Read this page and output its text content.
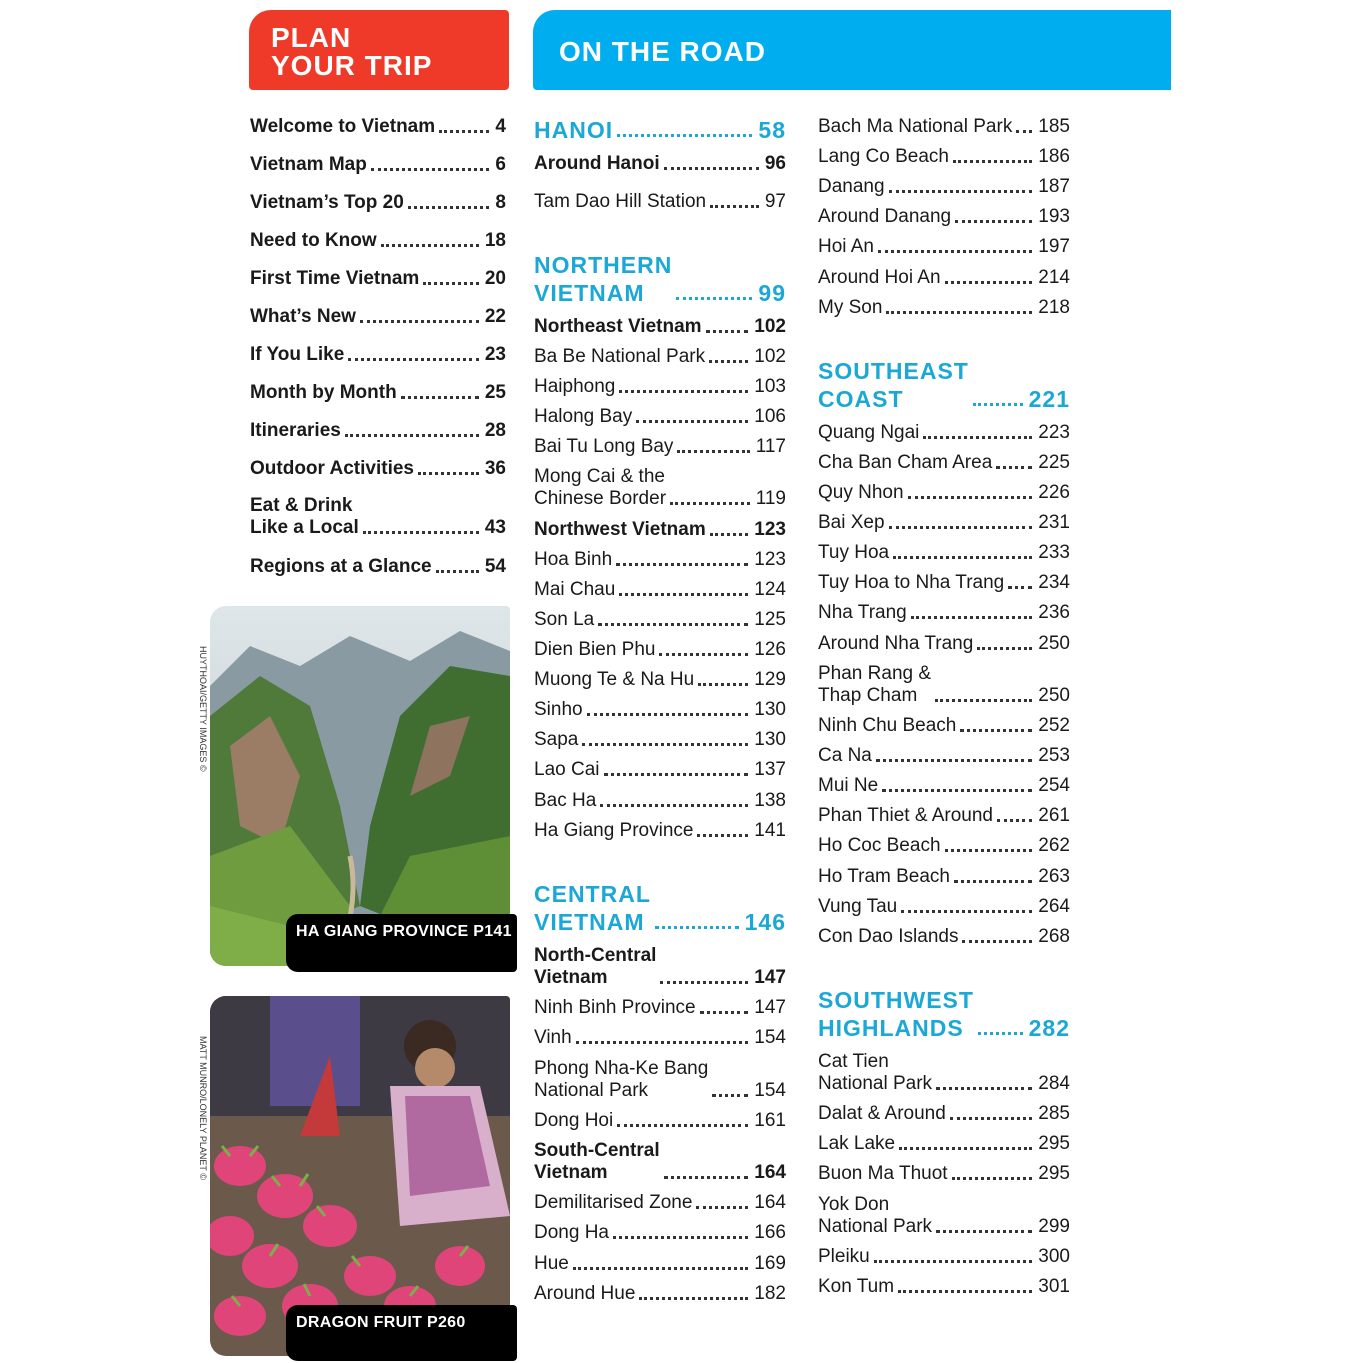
PLAN
YOUR TRIP	ON THE ROAD
Welcome to Vietnam	4
Vietnam Map	6
Vietnam’s Top 20	8
Need to Know	18
First Time Vietnam	20
What’s New	22
If You Like	23
Month by Month	25
Itineraries	28
Outdoor Activities	36
Eat & Drink
Like a Local	43
Regions at a Glance	54
HANOI	58
Around Hanoi	96
Tam Dao Hill Station	97
NORTHERN
VIETNAM	99
Northeast Vietnam	102
Ba Be National Park	102
Haiphong	103
Halong Bay	106
Bai Tu Long Bay	117
Mong Cai & the
Chinese Border	119
Northwest Vietnam	123
Hoa Binh	123
Mai Chau	124
Son La	125
Dien Bien Phu	126
Muong Te & Na Hu	129
Sinho	130
Sapa	130
Lao Cai	137
Bac Ha	138
Ha Giang Province	141
CENTRAL
VIETNAM	146
North-Central
Vietnam	147
Ninh Binh Province	147
Vinh	154
Phong Nha-Ke Bang
National Park	154
Dong Hoi	161
South-Central
Vietnam	164
Demilitarised Zone	164
Dong Ha	166
Hue	169
Around Hue	182
Bach Ma National Park 185
Lang Co Beach	186
Danang	187
Around Danang	193
Hoi An	197
Around Hoi An	214
My Son	218
SOUTHEAST
COAST	221
Quang Ngai	223
Cha Ban Cham Area 225
Quy Nhon	226
Bai Xep	231
Tuy Hoa	233
Tuy Hoa to Nha Trang 234
Nha Trang	236
Around Nha Trang	250
Phan Rang &
Thap Cham	250
Ninh Chu Beach	252
Ca Na	253
Mui Ne	254
Phan Thiet & Around 261
Ho Coc Beach	262
Ho Tram Beach	263
Vung Tau	264
Con Dao Islands	268
SOUTHWEST
HIGHLANDS	282
Cat Tien
National Park	284
Dalat & Around	285
Lak Lake	295
Buon Ma Thuot	295
Yok Don
National Park	299
Pleiku	300
Kon Tum	301
HA GIANG PROVINCE P141
HUYTHOAI/GETTY IMAGES ©
DRAGON FRUIT P260
MATT MUNRO/LONELY PLANET ©
